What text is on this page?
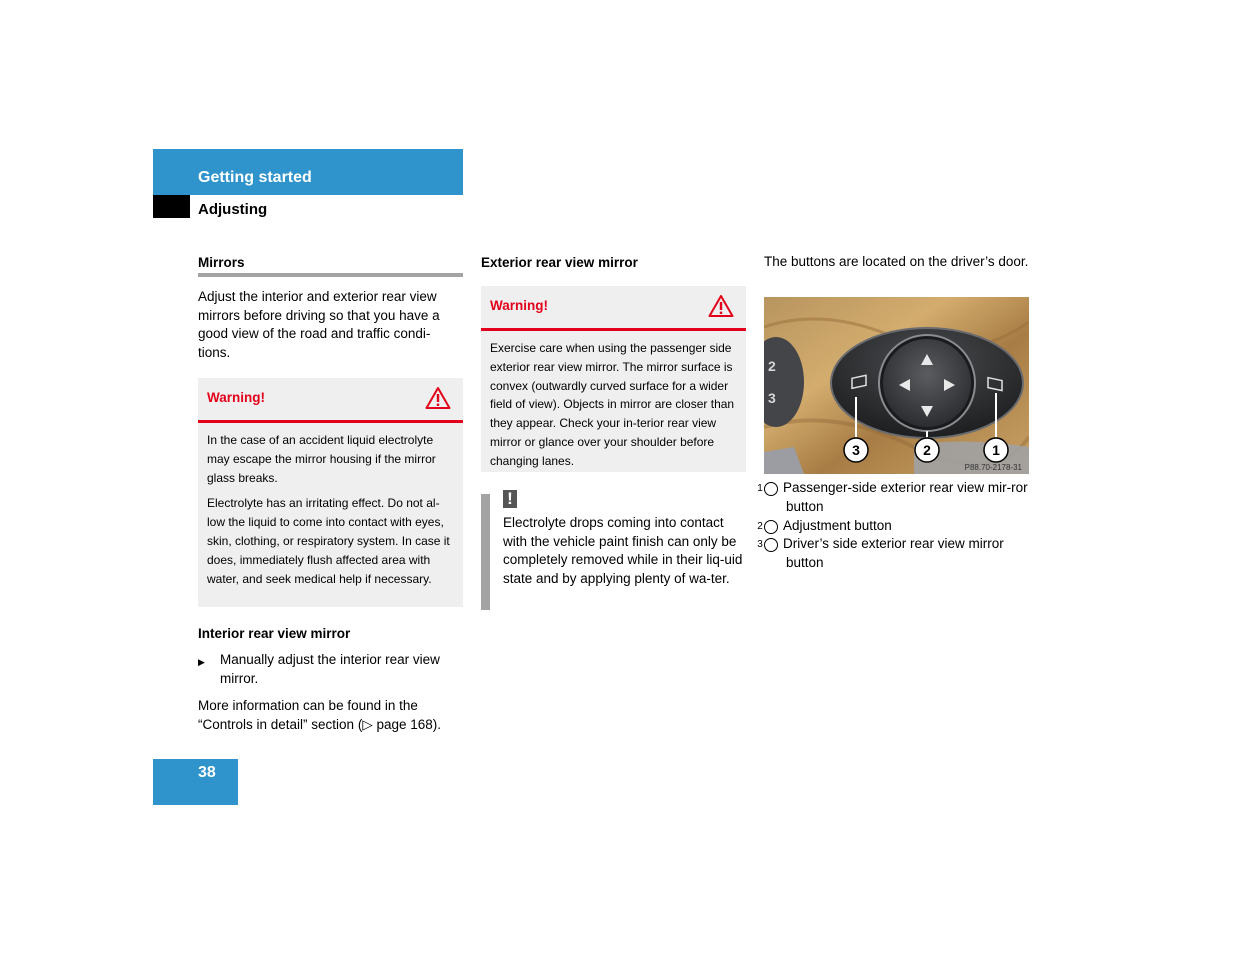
Getting started
Adjusting
Mirrors
Adjust the interior and exterior rear view mirrors before driving so that you have a good view of the road and traffic condi-tions.
Warning!

In the case of an accident liquid electrolyte may escape the mirror housing if the mirror glass breaks.

Electrolyte has an irritating effect. Do not al-low the liquid to come into contact with eyes, skin, clothing, or respiratory system. In case it does, immediately flush affected area with water, and seek medical help if necessary.

Interior rear view mirror
▶	Manually adjust the interior rear view mirror.
More information can be found in the “Controls in detail” section (▷ page 168).
Exterior rear view mirror
Warning!

Exercise care when using the passenger side exterior rear view mirror. The mirror surface is convex (outwardly curved surface for a wider field of view). Objects in mirror are closer than they appear. Check your in-terior rear view mirror or glance over your shoulder before changing lanes.

!
Electrolyte drops coming into contact with the vehicle paint finish can only be completely removed while in their liq-uid state and by applying plenty of wa-ter.
The buttons are located on the driver’s door.
2
3
3	2	1
P88.70-2178-31
1 Passenger-side exterior rear view mir-ror button
2 Adjustment button
3 Driver’s side exterior rear view mirror button
38
